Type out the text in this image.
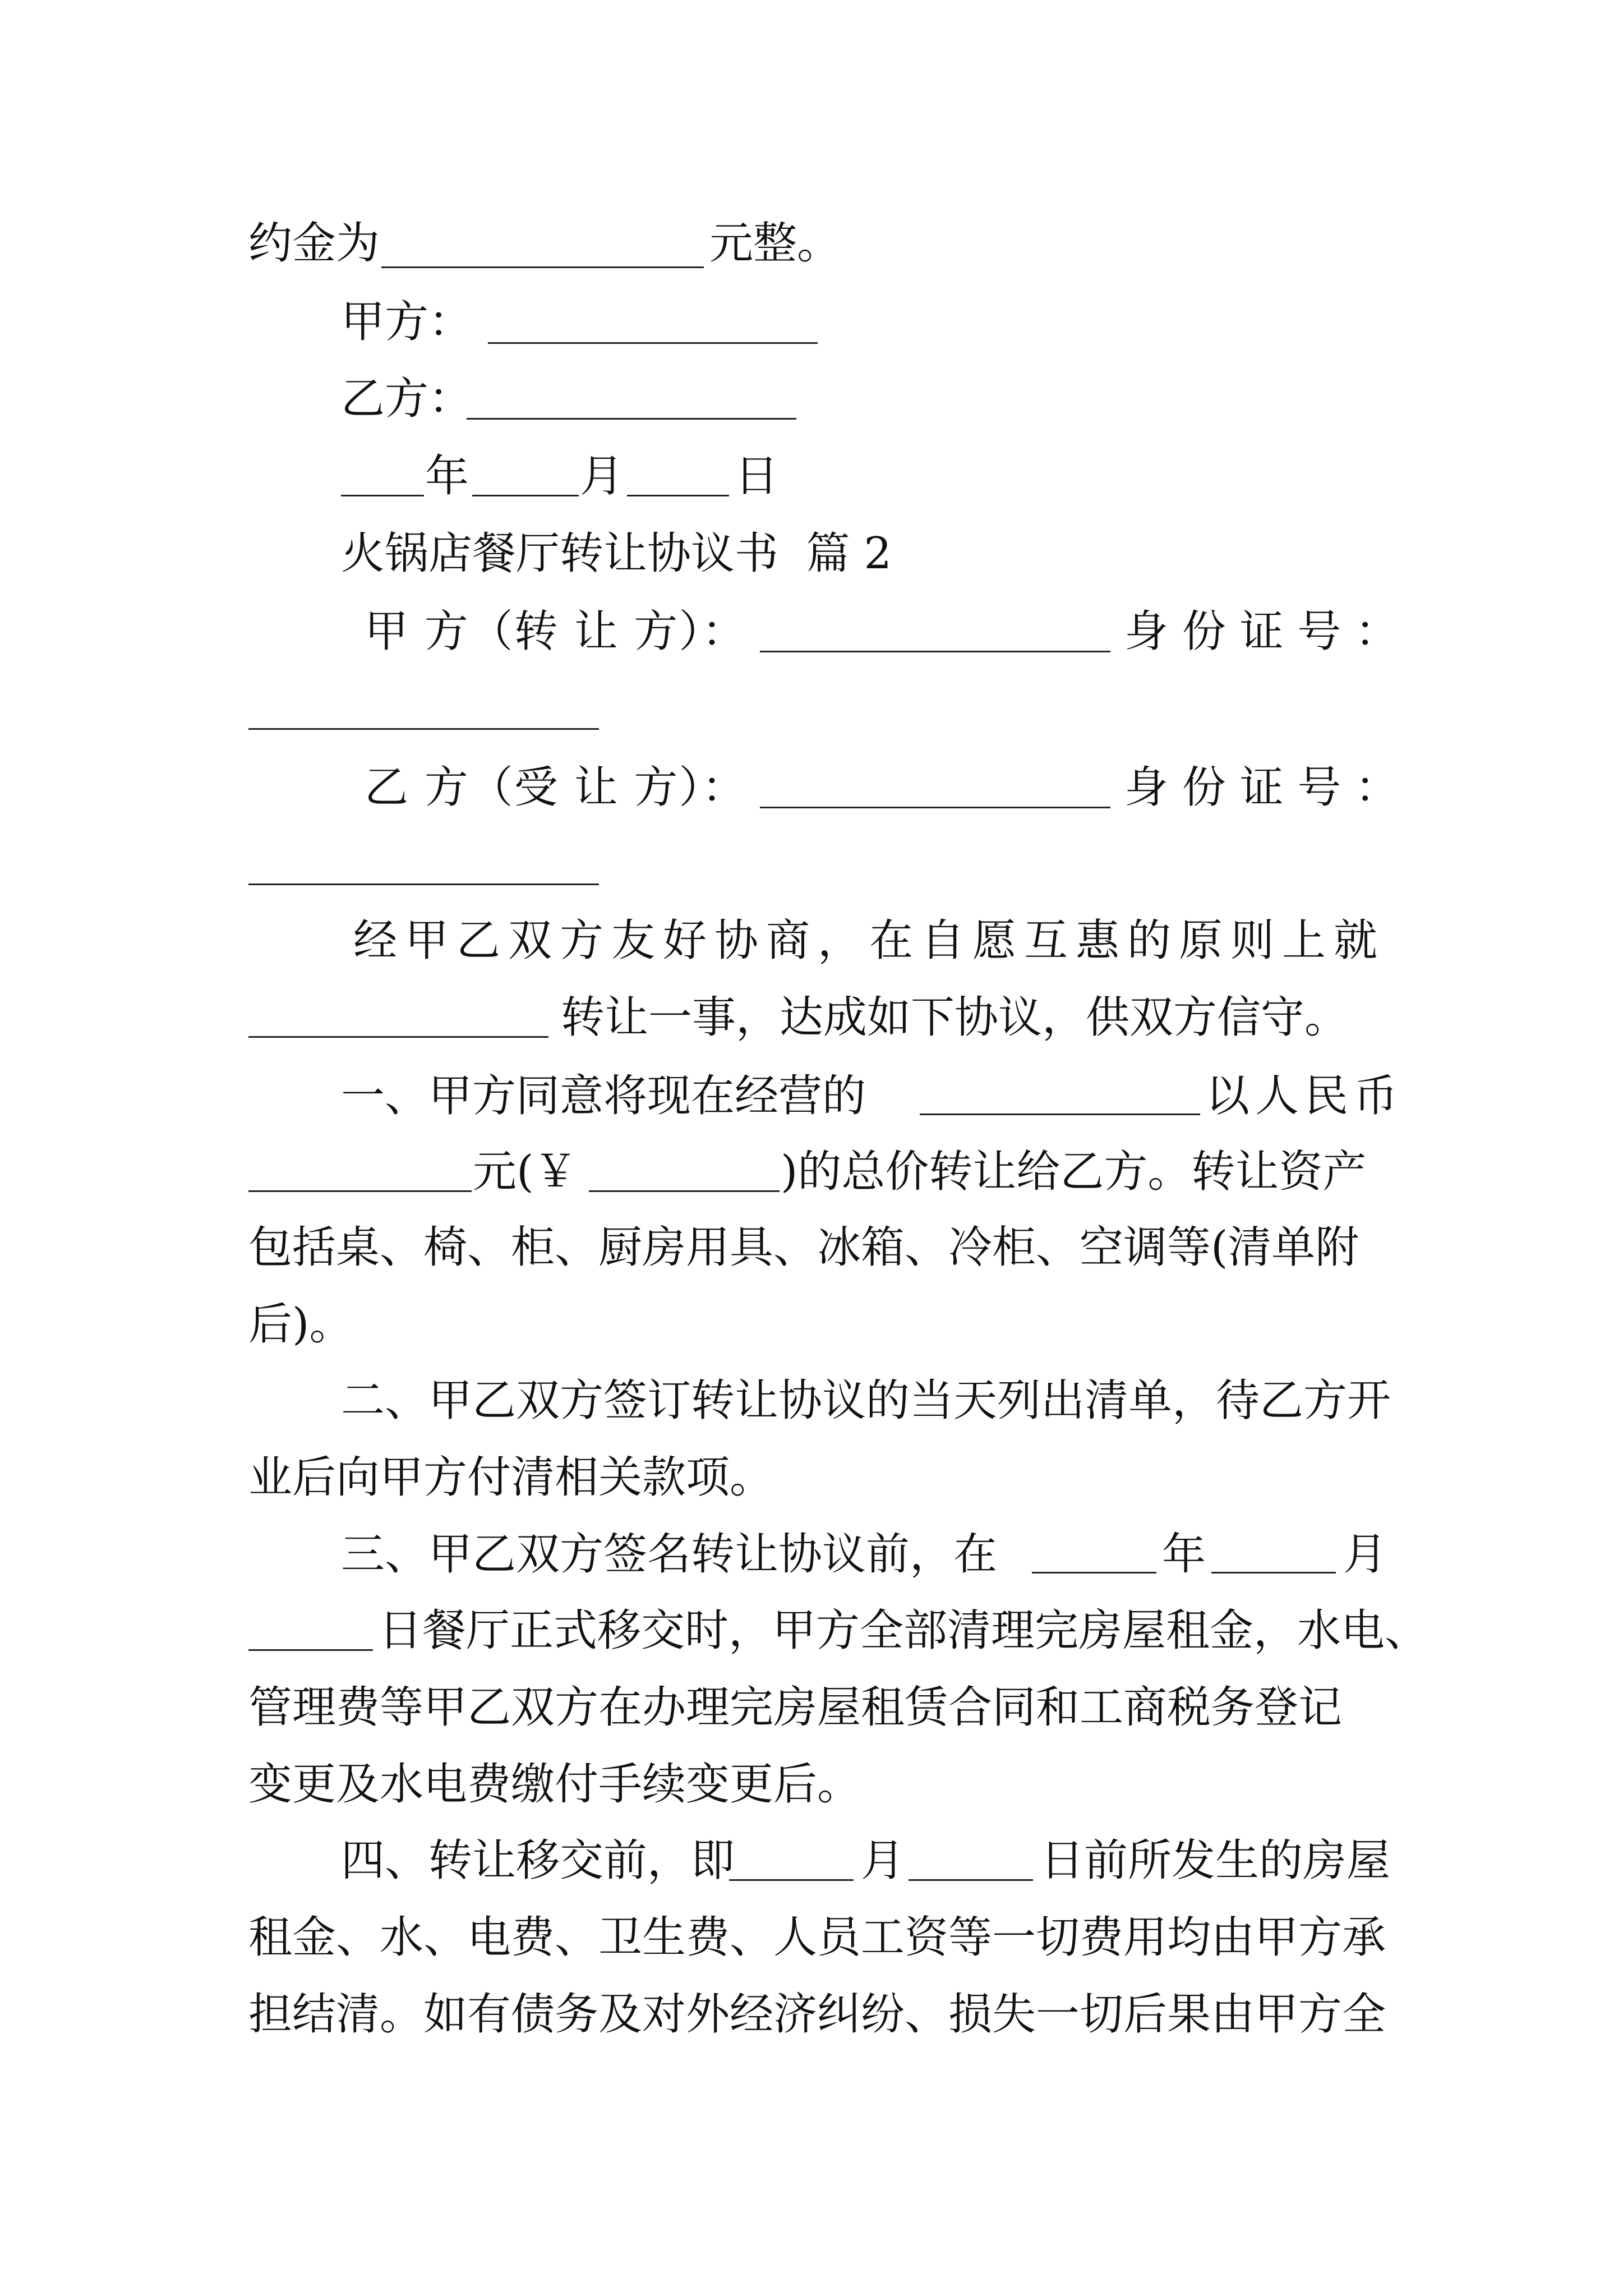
约金为	元整。
甲方：
乙方：
年	月	日
火锅店餐厅转让协议书  篇 2
甲 方（转 让 方）：	身 份 证 号 ：
乙 方（受 让 方）：	身 份 证 号 ：
经甲乙双方友好协商，在自愿互惠的原则上就
转让一事，达成如下协议，供双方信守。
一、甲方同意将现在经营的	以人民币
元(￥	)的总价转让给乙方。转让资产
包括桌、椅、柜、厨房用具、冰箱、冷柜、空调等(清单附
后)。
二、甲乙双方签订转让协议的当天列出清单，待乙方开
业后向甲方付清相关款项。
三、甲乙双方签名转让协议前，在	年	月
日餐厅正式移交时，甲方全部清理完房屋租金，水电、
管理费等甲乙双方在办理完房屋租赁合同和工商税务登记
变更及水电费缴付手续变更后。
四、转让移交前，即	月	日前所发生的房屋
租金、水、电费、卫生费、人员工资等一切费用均由甲方承
担结清。如有债务及对外经济纠纷、损失一切后果由甲方全
